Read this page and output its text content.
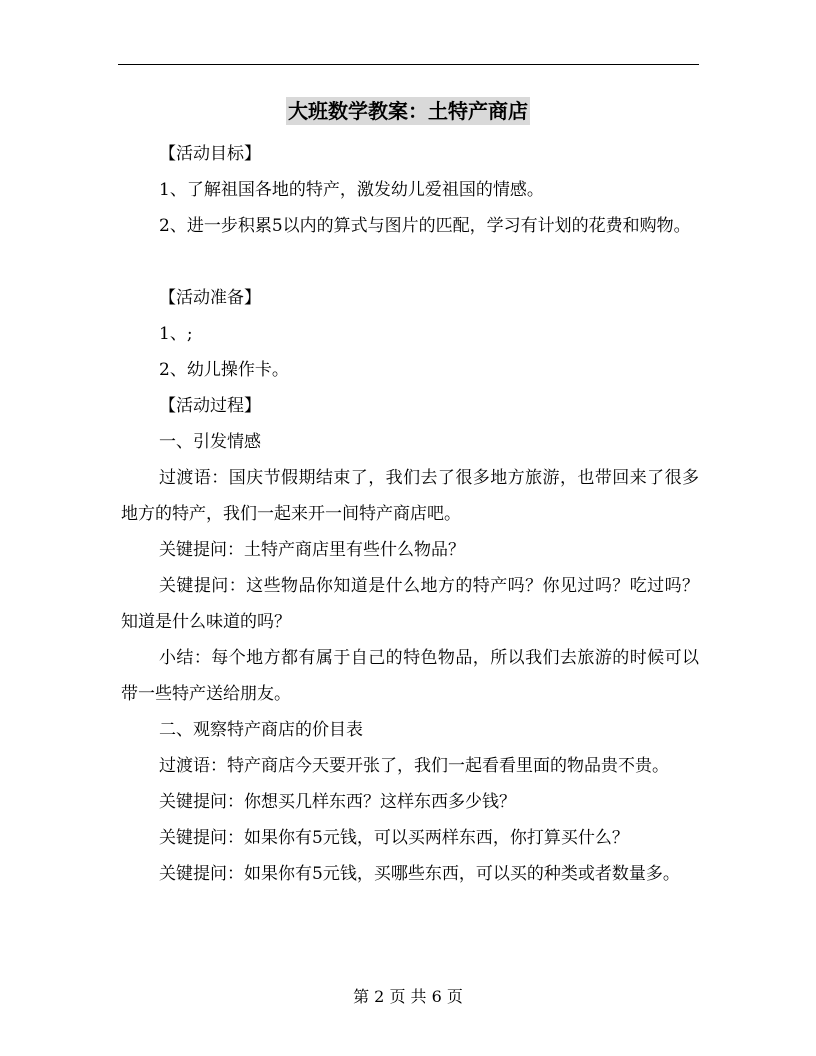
大班数学教案：土特产商店

【活动目标】

1、了解祖国各地的特产，激发幼儿爱祖国的情感。

2、进一步积累5以内的算式与图片的匹配，学习有计划的花费和购物。

【活动准备】

1、;

2、幼儿操作卡。

【活动过程】

一、引发情感

过渡语：国庆节假期结束了，我们去了很多地方旅游，也带回来了很多地方的特产，我们一起来开一间特产商店吧。

关键提问：土特产商店里有些什么物品？

关键提问：这些物品你知道是什么地方的特产吗？你见过吗？吃过吗？知道是什么味道的吗？

小结：每个地方都有属于自己的特色物品，所以我们去旅游的时候可以带一些特产送给朋友。

二、观察特产商店的价目表

过渡语：特产商店今天要开张了，我们一起看看里面的物品贵不贵。

关键提问：你想买几样东西？这样东西多少钱？

关键提问：如果你有5元钱，可以买两样东西，你打算买什么？

关键提问：如果你有5元钱，买哪些东西，可以买的种类或者数量多。

第 2 页 共 6 页
